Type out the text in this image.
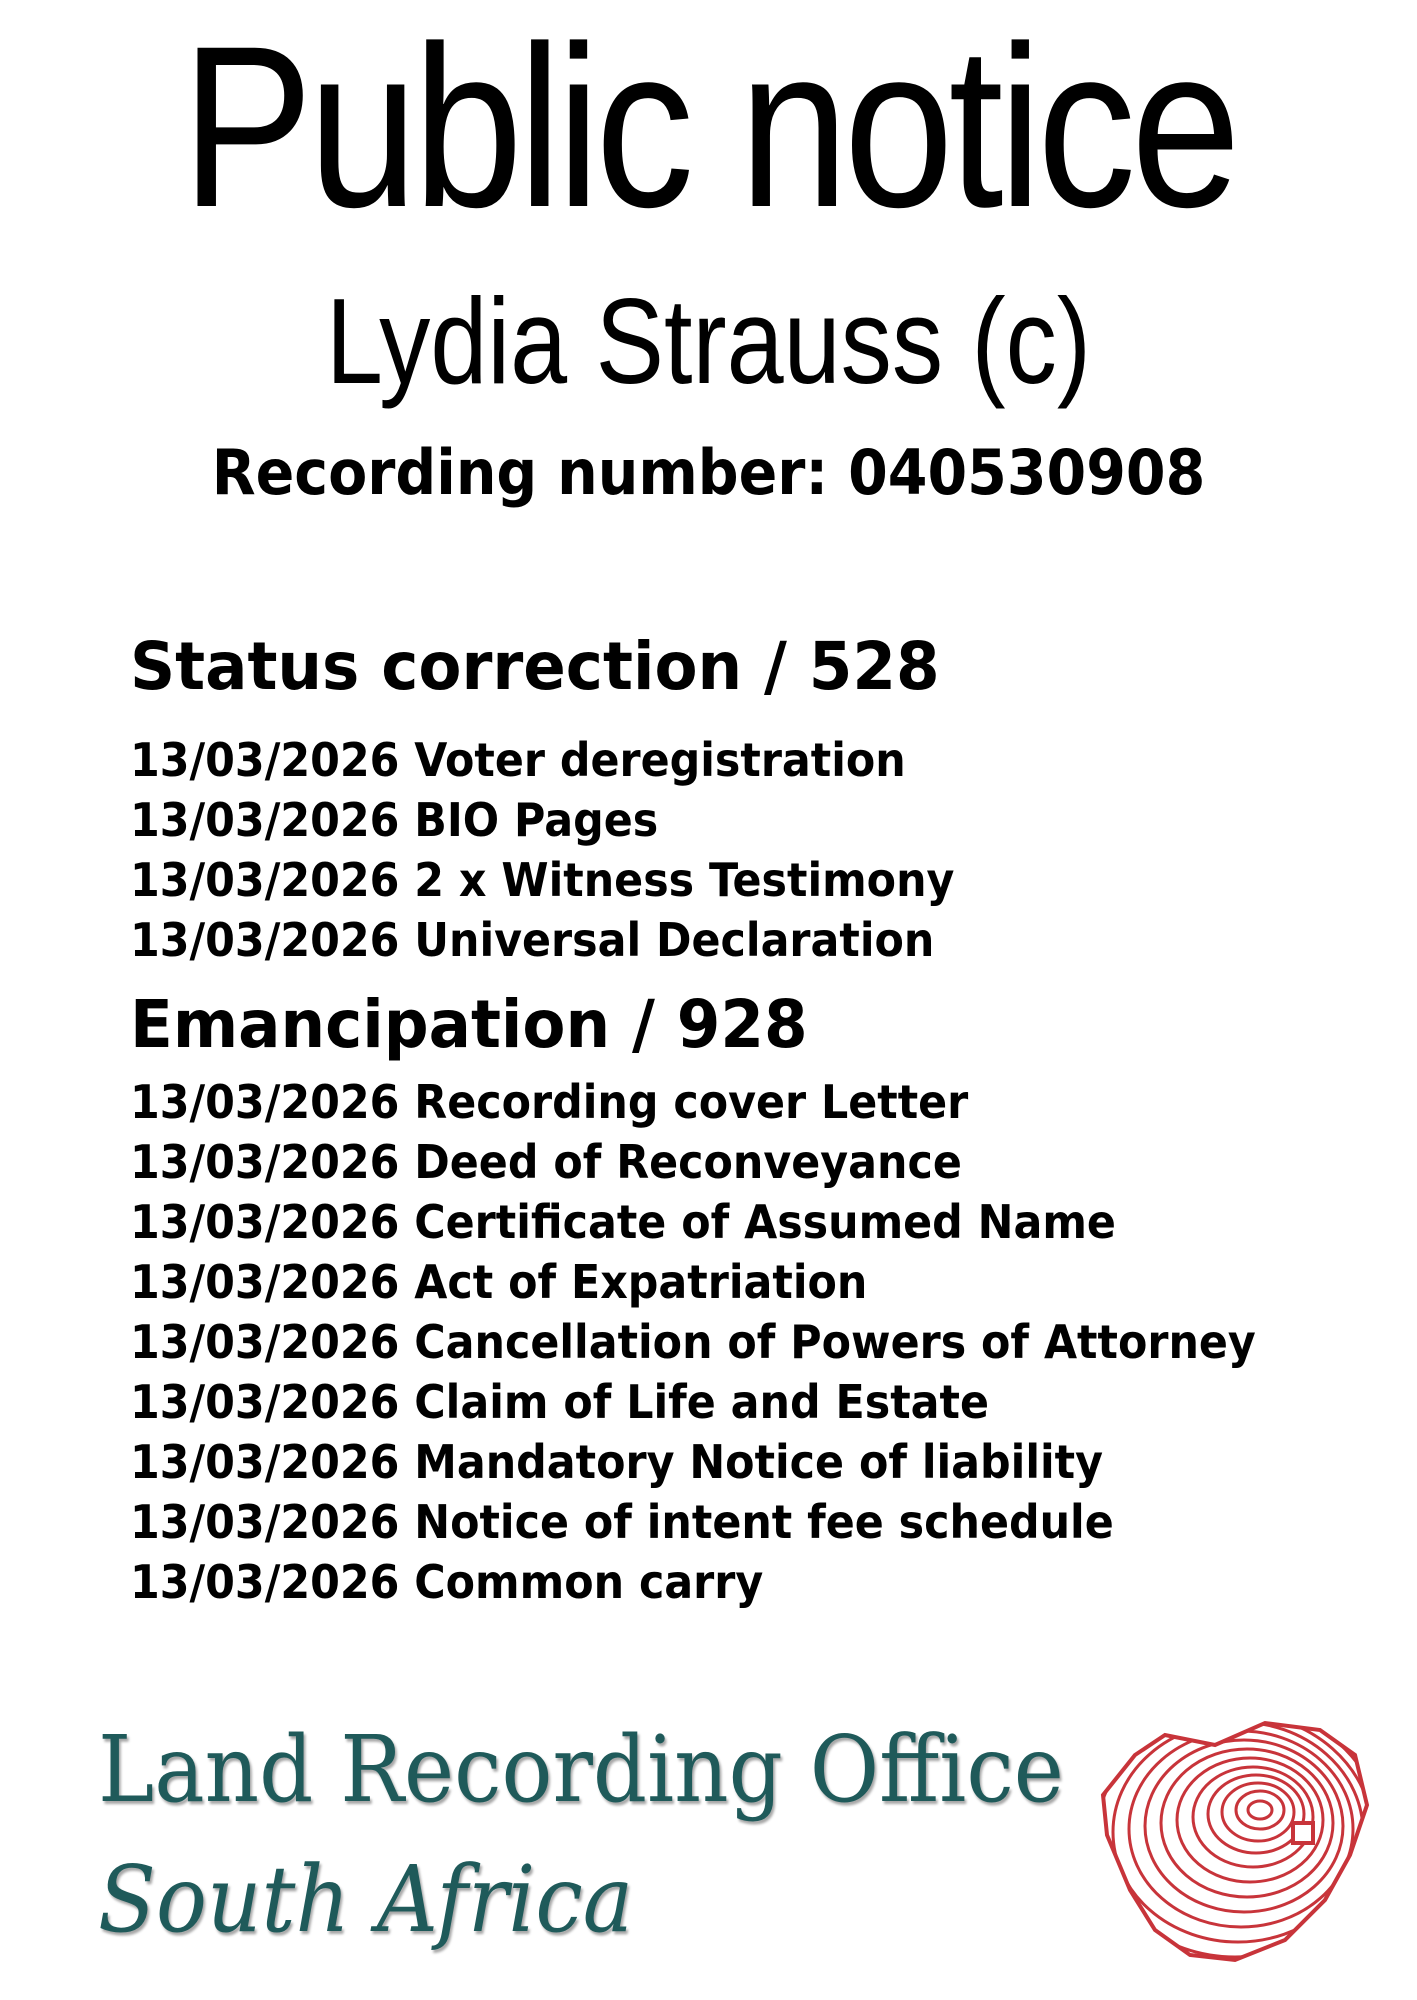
Public notice
Lydia Strauss (c)
Recording number: 040530908
Status correction / 528
13/03/2026 Voter deregistration
13/03/2026 BIO Pages
13/03/2026 2 x Witness Testimony
13/03/2026 Universal Declaration
Emancipation / 928
13/03/2026 Recording cover Letter
13/03/2026 Deed of Reconveyance
13/03/2026 Certificate of Assumed Name
13/03/2026 Act of Expatriation
13/03/2026 Cancellation of Powers of Attorney
13/03/2026 Claim of Life and Estate
13/03/2026 Mandatory Notice of liability
13/03/2026 Notice of intent fee schedule
13/03/2026 Common carry
Land Recording Office
South Africa
